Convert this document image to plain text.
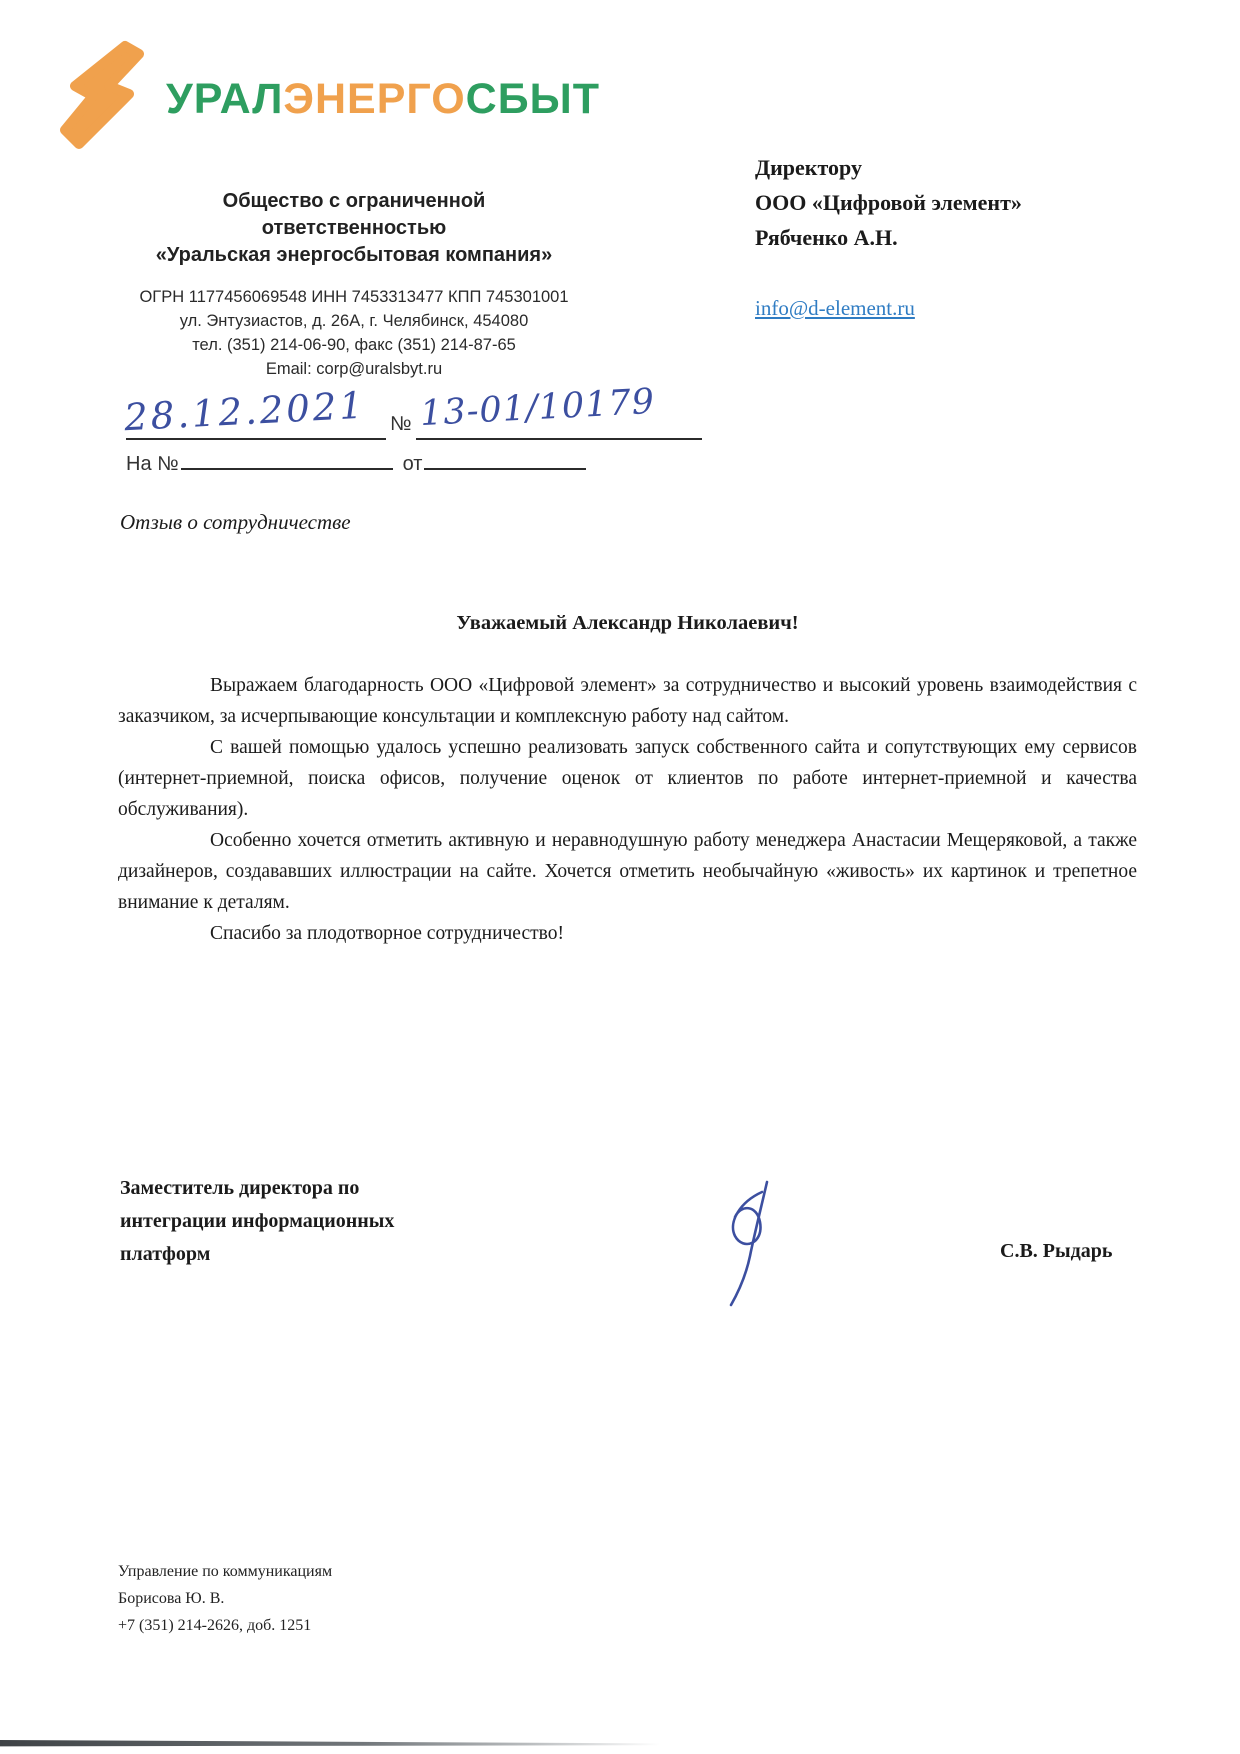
УРАЛЭНЕРГОСБЫТ
Общество с ограниченной
ответственностью
«Уральская энергосбытовая компания»
ОГРН 1177456069548 ИНН 7453313477 КПП 745301001
ул. Энтузиастов, д. 26А, г. Челябинск, 454080
тел. (351) 214-06-90, факс (351) 214-87-65
Email: corp@uralsbyt.ru
28.12.2021 № 13-01/10179
На №	от
Директору
ООО «Цифровой элемент»
Рябченко А.Н.
info@d-element.ru
Отзыв о сотрудничестве
Уважаемый Александр Николаевич!

Выражаем благодарность ООО «Цифровой элемент» за сотрудничество и высокий уровень взаимодействия с заказчиком, за исчерпывающие консультации и комплексную работу над сайтом.

С вашей помощью удалось успешно реализовать запуск собственного сайта и сопутствующих ему сервисов (интернет-приемной, поиска офисов, получение оценок от клиентов по работе интернет-приемной и качества обслуживания).

Особенно хочется отметить активную и неравнодушную работу менеджера Анастасии Мещеряковой, а также дизайнеров, создававших иллюстрации на сайте. Хочется отметить необычайную «живость» их картинок и трепетное внимание к деталям.

Спасибо за плодотворное сотрудничество!

Заместитель директора по
интеграции информационных
платформ	С.В. Рыдарь
Управление по коммуникациям
Борисова Ю. В.
+7 (351) 214-2626, доб. 1251
